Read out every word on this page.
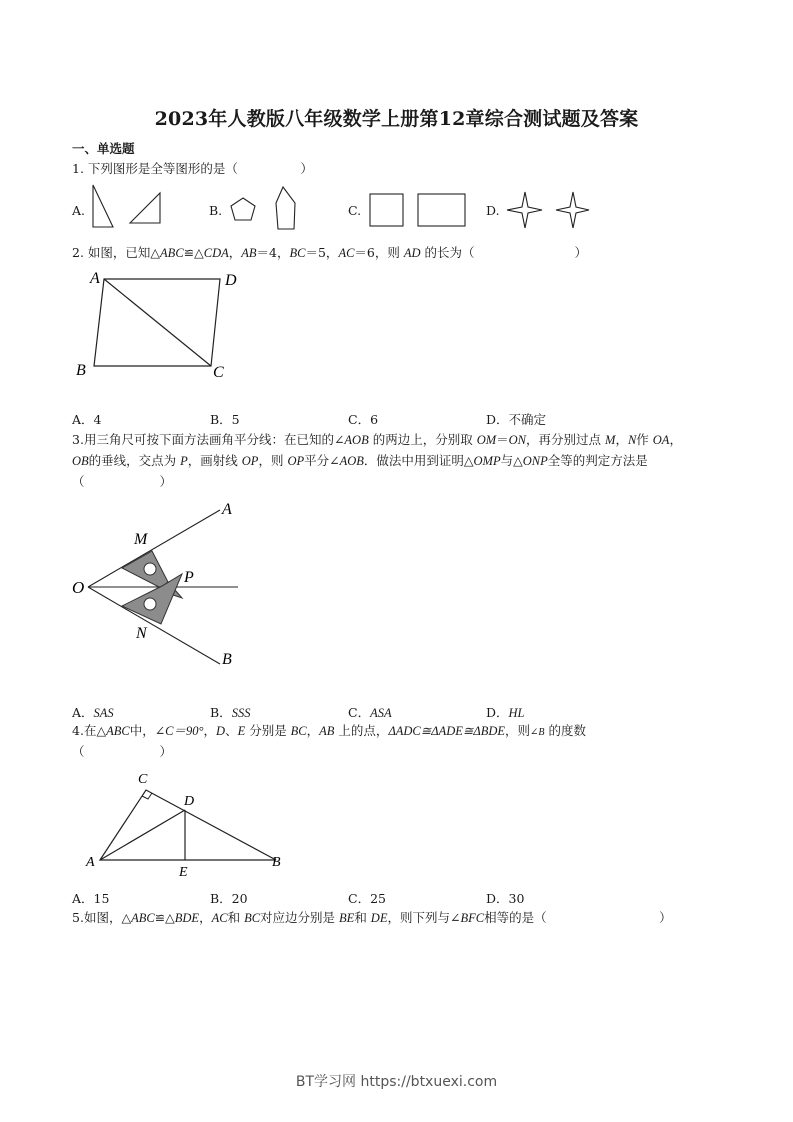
2023年人教版八年级数学上册第12章综合测试题及答案
一、单选题
1. 下列图形是全等图形的是（　　　　　）
A.	B.	C.	D.
2. 如图，已知△ABC≌△CDA，AB＝4，BC＝5，AC＝6，则 AD 的长为（　　　　　　　　）
A	D
B	C
A．4	B．5	C．6	D．不确定
3.用三角尺可按下面方法画角平分线：在已知的∠AOB 的两边上，分别取 OM＝ON，再分别过点 M，N作 OA，
OB的垂线，交点为 P，画射线 OP，则 OP平分∠AOB．做法中用到证明△OMP与△ONP全等的判定方法是
（　　　　　　）
O
A
B
M
N
P
A．SAS	B．SSS	C．ASA	D．HL
4.在△ABC中，∠C＝90°，D、E 分别是 BC，AB 上的点，ΔADC≅ΔADE≅ΔBDE，则∠B 的度数
（　　　　　　）
C
D
A	B
E
A．15	B．20	C．25	D．30
5.如图，△ABC≌△BDE，AC和 BC对应边分别是 BE和 DE，则下列与∠BFC相等的是（　　　　　　　　　）
BT学习网 https://btxuexi.com
